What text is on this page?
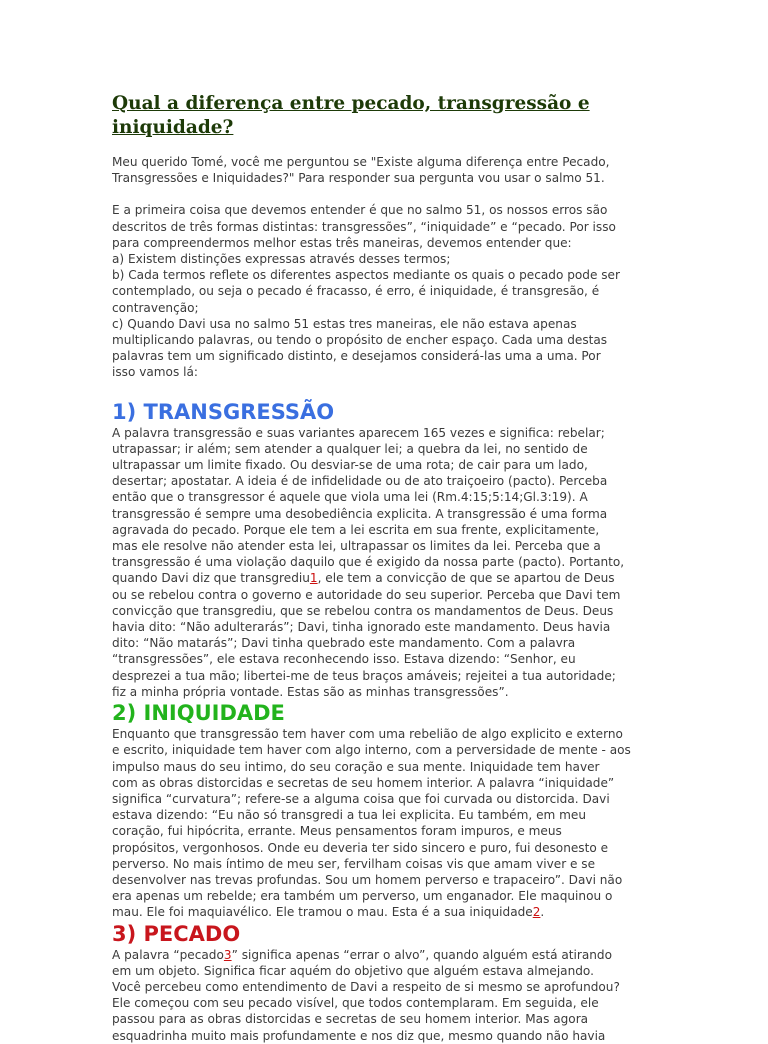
Qual a diferença entre pecado, transgressão e iniquidade?
Meu querido Tomé, você me perguntou se "Existe alguma diferença entre Pecado,
Transgressões e Iniquidades?" Para responder sua pergunta vou usar o salmo 51.
E a primeira coisa que devemos entender é que no salmo 51, os nossos erros são
descritos de três formas distintas: transgressões”, “iniquidade” e “pecado. Por isso
para compreendermos melhor estas três maneiras, devemos entender que:
a) Existem distinções expressas através desses termos;
b) Cada termos reflete os diferentes aspectos mediante os quais o pecado pode ser
contemplado, ou seja o pecado é fracasso, é erro, é iniquidade, é transgresão, é
contravenção;
c) Quando Davi usa no salmo 51 estas tres maneiras, ele não estava apenas
multiplicando palavras, ou tendo o propósito de encher espaço. Cada uma destas
palavras tem um significado distinto, e desejamos considerá-las uma a uma. Por
isso vamos lá:
1) TRANSGRESSÃO
A palavra transgressão e suas variantes aparecem 165 vezes e significa: rebelar;
utrapassar; ir além; sem atender a qualquer lei; a quebra da lei, no sentido de
ultrapassar um limite fixado. Ou desviar-se de uma rota; de cair para um lado,
desertar; apostatar. A ideia é de infidelidade ou de ato traiçoeiro (pacto). Perceba
então que o transgressor é aquele que viola uma lei (Rm.4:15;5:14;Gl.3:19). A
transgressão é sempre uma desobediência explicita. A transgressão é uma forma
agravada do pecado. Porque ele tem a lei escrita em sua frente, explicitamente,
mas ele resolve não atender esta lei, ultrapassar os limites da lei. Perceba que a
transgressão é uma violação daquilo que é exigido da nossa parte (pacto). Portanto,
quando Davi diz que transgrediu1, ele tem a convicção de que se apartou de Deus
ou se rebelou contra o governo e autoridade do seu superior. Perceba que Davi tem
convicção que transgrediu, que se rebelou contra os mandamentos de Deus. Deus
havia dito: “Não adulterarás”; Davi, tinha ignorado este mandamento. Deus havia
dito: “Não matarás”; Davi tinha quebrado este mandamento. Com a palavra
“transgressões”, ele estava reconhecendo isso. Estava dizendo: “Senhor, eu
desprezei a tua mão; libertei-me de teus braços amáveis; rejeitei a tua autoridade;
fiz a minha própria vontade. Estas são as minhas transgressões”.
2) INIQUIDADE
Enquanto que transgressão tem haver com uma rebelião de algo explicito e externo
e escrito, iniquidade tem haver com algo interno, com a perversidade de mente - aos
impulso maus do seu intimo, do seu coração e sua mente. Iniquidade tem haver
com as obras distorcidas e secretas de seu homem interior. A palavra “iniquidade”
significa “curvatura”; refere-se a alguma coisa que foi curvada ou distorcida. Davi
estava dizendo: “Eu não só transgredi a tua lei explicita. Eu também, em meu
coração, fui hipócrita, errante. Meus pensamentos foram impuros, e meus
propósitos, vergonhosos. Onde eu deveria ter sido sincero e puro, fui desonesto e
perverso. No mais íntimo de meu ser, fervilham coisas vis que amam viver e se
desenvolver nas trevas profundas. Sou um homem perverso e trapaceiro”. Davi não
era apenas um rebelde; era também um perverso, um enganador. Ele maquinou o
mau. Ele foi maquiavélico. Ele tramou o mau. Esta é a sua iniquidade2.
3) PECADO
A palavra “pecado3” significa apenas “errar o alvo”, quando alguém está atirando
em um objeto. Significa ficar aquém do objetivo que alguém estava almejando.
Você percebeu como entendimento de Davi a respeito de si mesmo se aprofundou?
Ele começou com seu pecado visível, que todos contemplaram. Em seguida, ele
passou para as obras distorcidas e secretas de seu homem interior. Mas agora
esquadrinha muito mais profundamente e nos diz que, mesmo quando não havia
